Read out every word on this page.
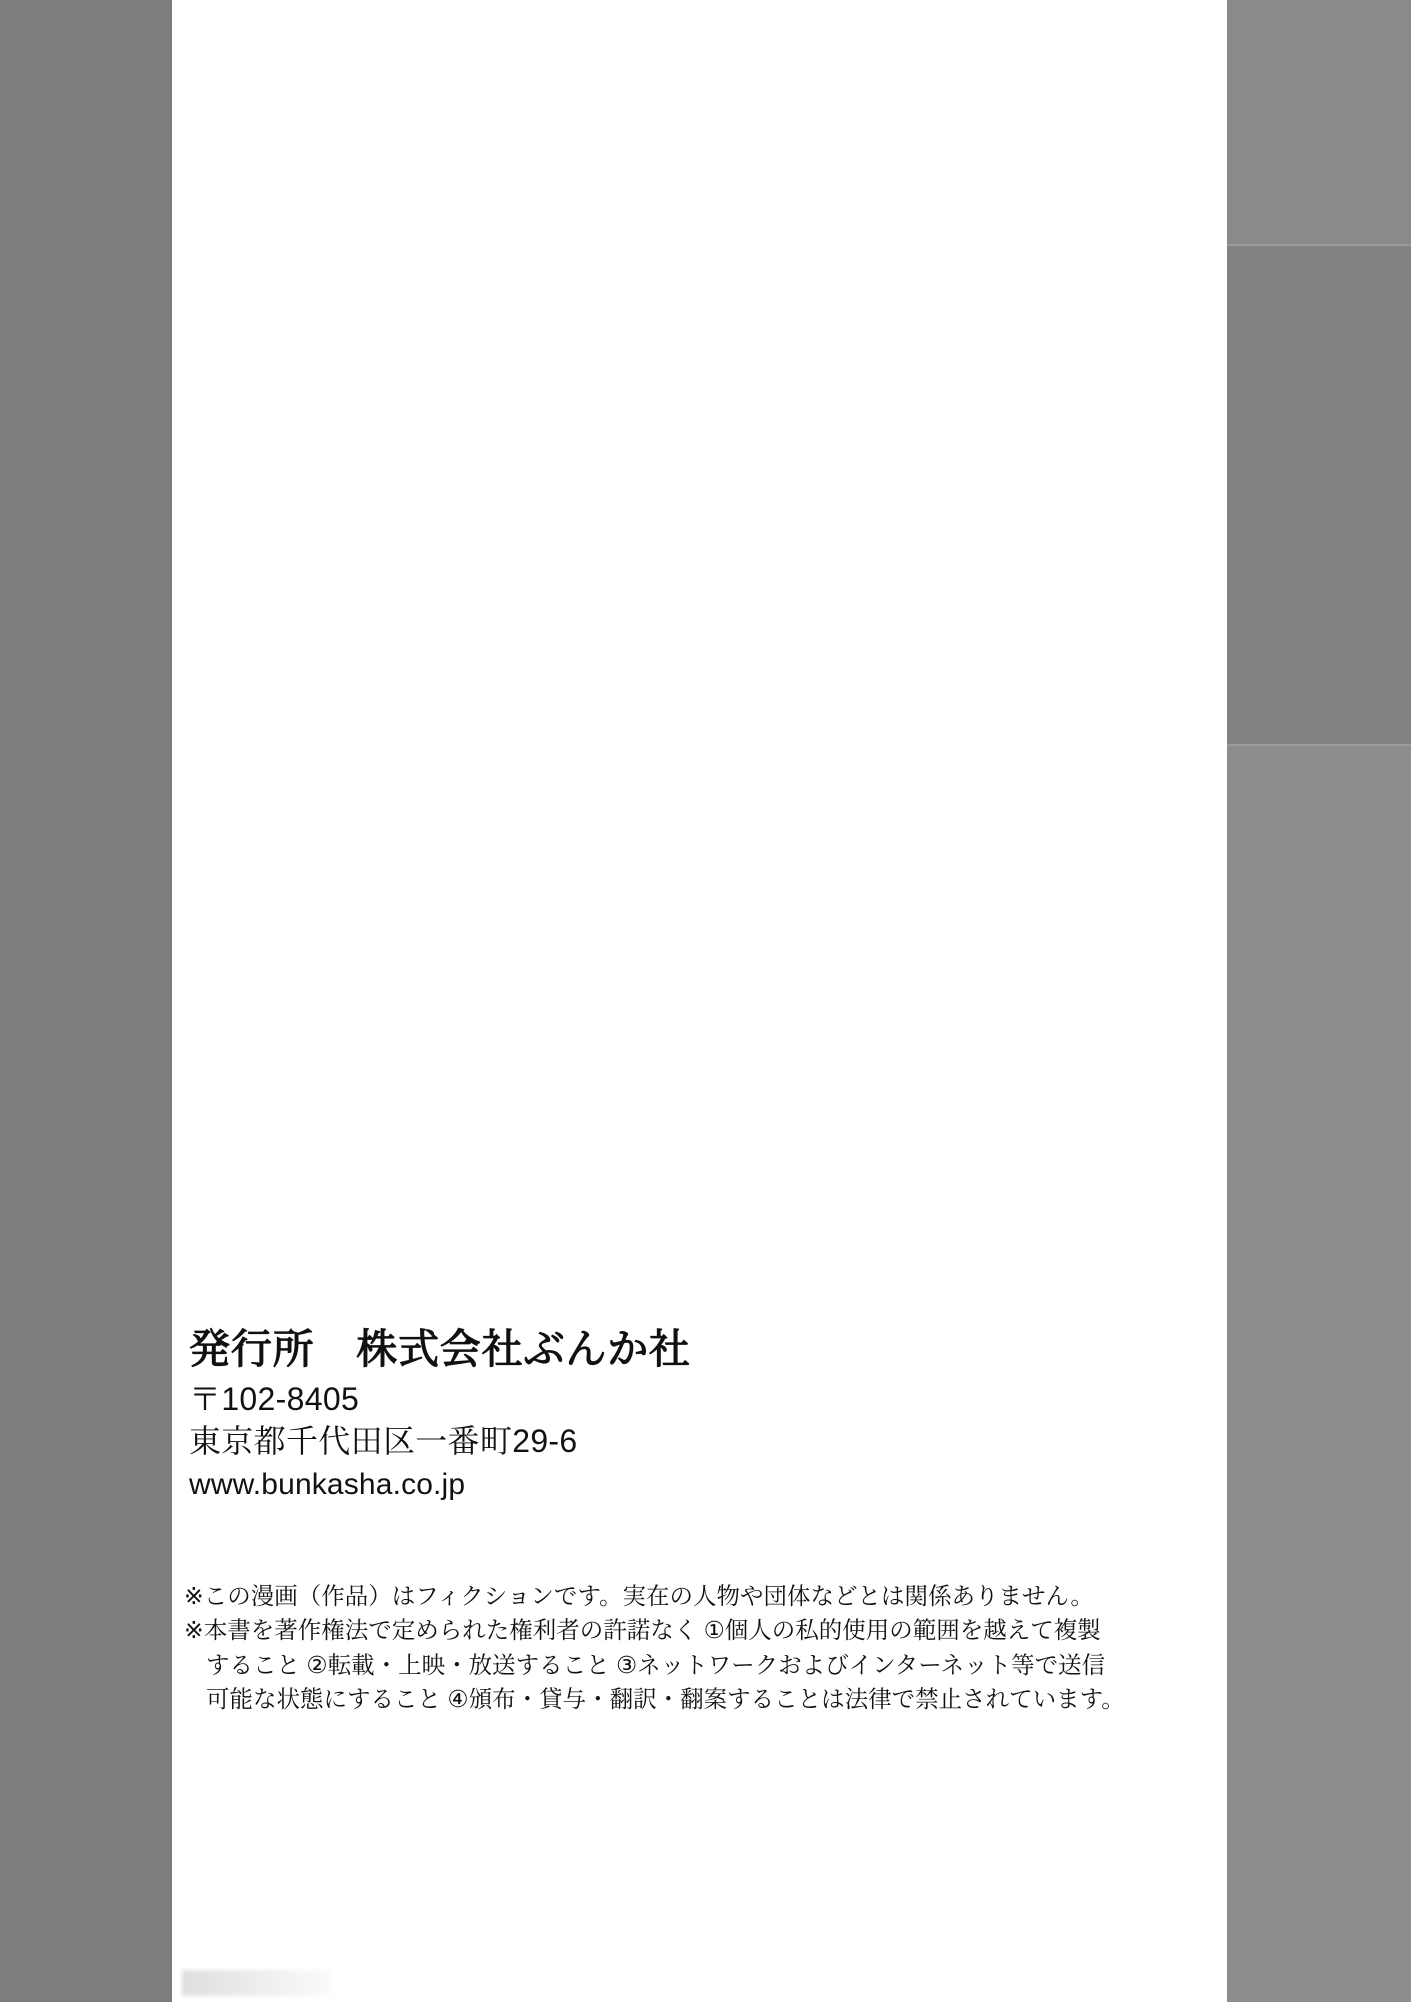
発行所　株式会社ぶんか社

〒102-8405

東京都千代田区一番町29-6

www.bunkasha.co.jp

※この漫画（作品）はフィクションです。実在の人物や団体などとは関係ありません。

※本書を著作権法で定められた権利者の許諾なく ①個人の私的使用の範囲を越えて複製

すること ②転載・上映・放送すること ③ネットワークおよびインターネット等で送信

可能な状態にすること ④頒布・貸与・翻訳・翻案することは法律で禁止されています。
